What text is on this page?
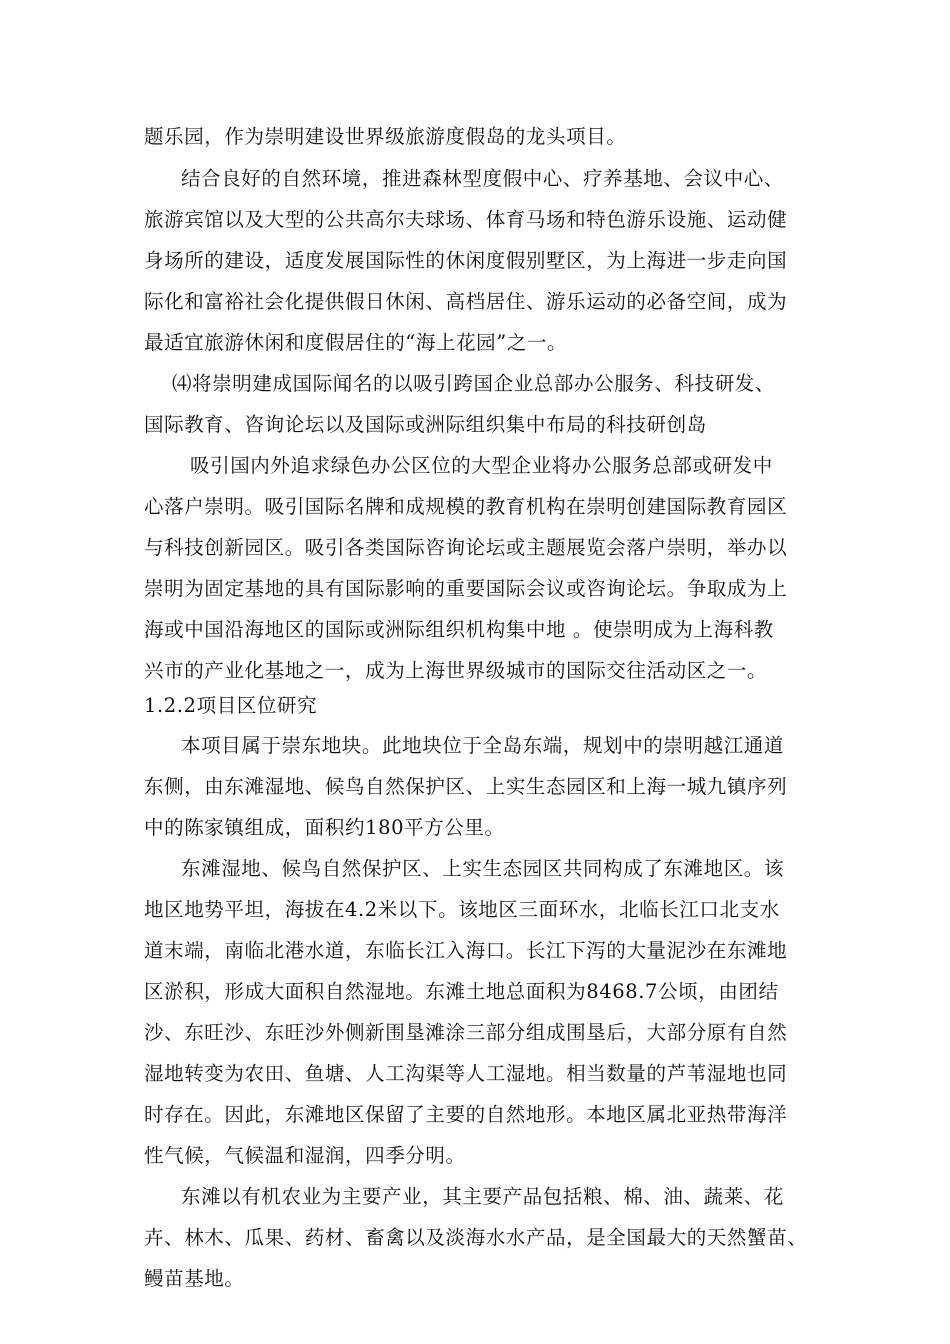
题乐园，作为崇明建设世界级旅游度假岛的龙头项目。
结合良好的自然环境，推进森林型度假中心、疗养基地、会议中心、
旅游宾馆以及大型的公共高尔夫球场、体育马场和特色游乐设施、运动健
身场所的建设，适度发展国际性的休闲度假别墅区，为上海进一步走向国
际化和富裕社会化提供假日休闲、高档居住、游乐运动的必备空间，成为
最适宜旅游休闲和度假居住的“海上花园”之一。
⑷将崇明建成国际闻名的以吸引跨国企业总部办公服务、科技研发、
国际教育、咨询论坛以及国际或洲际组织集中布局的科技研创岛
吸引国内外追求绿色办公区位的大型企业将办公服务总部或研发中
心落户崇明。吸引国际名牌和成规模的教育机构在崇明创建国际教育园区
与科技创新园区。吸引各类国际咨询论坛或主题展览会落户崇明，举办以
崇明为固定基地的具有国际影响的重要国际会议或咨询论坛。争取成为上
海或中国沿海地区的国际或洲际组织机构集中地 。使崇明成为上海科教
兴市的产业化基地之一，成为上海世界级城市的国际交往活动区之一。
1.2.2项目区位研究
本项目属于崇东地块。此地块位于全岛东端，规划中的崇明越江通道
东侧，由东滩湿地、候鸟自然保护区、上实生态园区和上海一城九镇序列
中的陈家镇组成，面积约180平方公里。
东滩湿地、候鸟自然保护区、上实生态园区共同构成了东滩地区。该
地区地势平坦，海拔在4.2米以下。该地区三面环水，北临长江口北支水
道末端，南临北港水道，东临长江入海口。长江下泻的大量泥沙在东滩地
区淤积，形成大面积自然湿地。东滩土地总面积为8468.7公顷，由团结
沙、东旺沙、东旺沙外侧新围垦滩涂三部分组成围垦后，大部分原有自然
湿地转变为农田、鱼塘、人工沟渠等人工湿地。相当数量的芦苇湿地也同
时存在。因此，东滩地区保留了主要的自然地形。本地区属北亚热带海洋
性气候，气候温和湿润，四季分明。
东滩以有机农业为主要产业，其主要产品包括粮、棉、油、蔬莱、花
卉、林木、瓜果、药材、畜禽以及淡海水水产品，是全国最大的天然蟹苗、
鳗苗基地。
